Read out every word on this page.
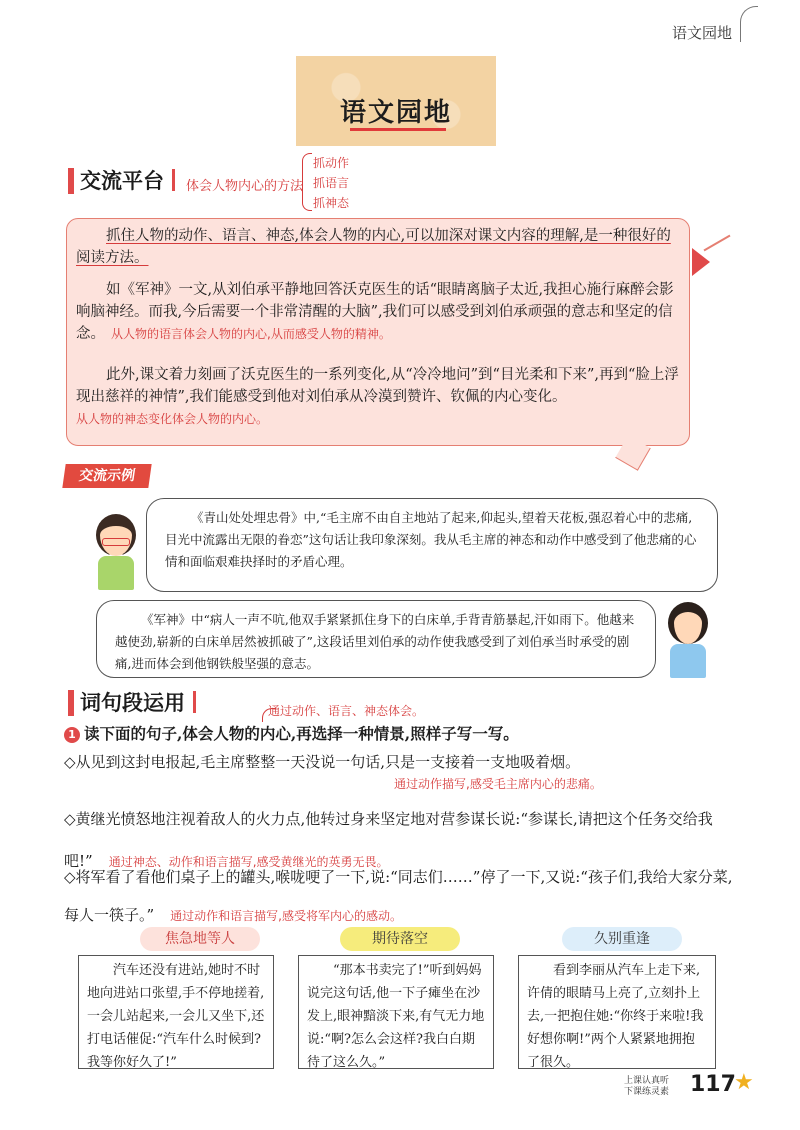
语文园地
语文园地
交流平台	体会人物内心的方法
抓动作
抓语言
抓神态
抓住人物的动作、语言、神态,体会人物的内心,可以加深对课文内容的理解,是一种很好的阅读方法。
如《军神》一文,从刘伯承平静地回答沃克医生的话“眼睛离脑子太近,我担心施行麻醉会影响脑神经。而我,今后需要一个非常清醒的大脑”,我们可以感受到刘伯承顽强的意志和坚定的信念。 从人物的语言体会人物的内心,从而感受人物的精神。
此外,课文着力刻画了沃克医生的一系列变化,从“冷冷地问”到“目光柔和下来”,再到“脸上浮现出慈祥的神情”,我们能感受到他对刘伯承从冷漠到赞许、钦佩的内心变化。
从人物的神态变化体会人物的内心。
交流示例
《青山处处埋忠骨》中,“毛主席不由自主地站了起来,仰起头,望着天花板,强忍着心中的悲痛,目光中流露出无限的眷恋”这句话让我印象深刻。我从毛主席的神态和动作中感受到了他悲痛的心情和面临艰难抉择时的矛盾心理。
《军神》中“病人一声不吭,他双手紧紧抓住身下的白床单,手背青筋暴起,汗如雨下。他越来越使劲,崭新的白床单居然被抓破了”,这段话里刘伯承的动作使我感受到了刘伯承当时承受的剧痛,进而体会到他钢铁般坚强的意志。
词句段运用	通过动作、语言、神态体会。
1 读下面的句子,体会人物的内心,再选择一种情景,照样子写一写。
◇从见到这封电报起,毛主席整整一天没说一句话,只是一支接着一支地吸着烟。
通过动作描写,感受毛主席内心的悲痛。
◇黄继光愤怒地注视着敌人的火力点,他转过身来坚定地对营参谋长说:“参谋长,请把这个任务交给我吧!” 通过神态、动作和语言描写,感受黄继光的英勇无畏。
◇将军看了看他们桌子上的罐头,喉咙哽了一下,说:“同志们……”停了一下,又说:“孩子们,我给大家分菜,每人一筷子。” 通过动作和语言描写,感受将军内心的感动。
焦急地等人	期待落空	久别重逢
汽车还没有进站,她时不时地向进站口张望,手不停地搓着,一会儿站起来,一会儿又坐下,还打电话催促:“汽车什么时候到?我等你好久了!”
“那本书卖完了!”听到妈妈说完这句话,他一下子瘫坐在沙发上,眼神黯淡下来,有气无力地说:“啊?怎么会这样?我白白期待了这么久。”
看到李丽从汽车上走下来,许倩的眼睛马上亮了,立刻扑上去,一把抱住她:“你终于来啦!我好想你啊!”两个人紧紧地拥抱了很久。
上课认真听
下课练灵素 117
★
